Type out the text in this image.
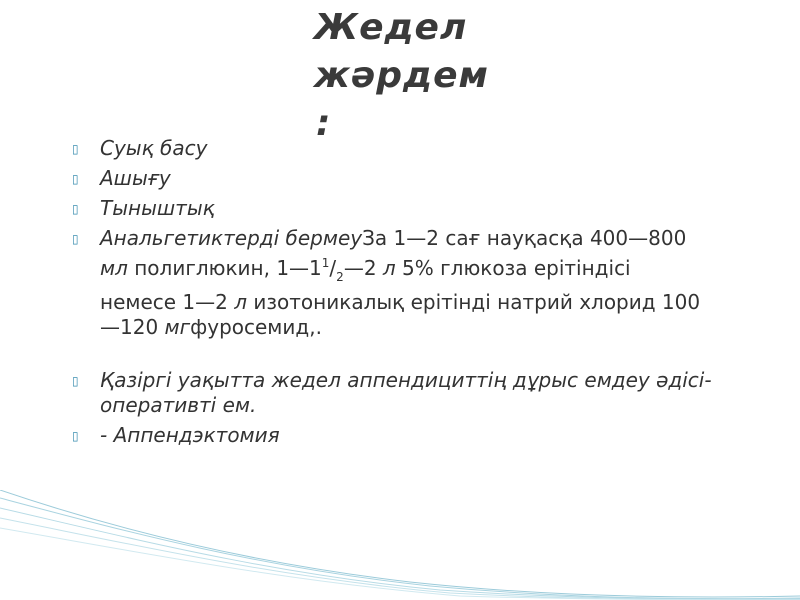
Жедел
жәрдем
:
▯ Суық басу
▯ Ашығу
▯ Тыныштық
▯ Анальгетиктерді бермеуЗа 1—2 сағ науқасқа 400—800 мл полиглюкин, $1—1^1/_2—2$ л 5% глюкоза ерітіндісі немесе 1—2 л изотоникалық ерітінді натрий хлорид 100—120 мгфуросемид,.
▯ Қазіргі уақытта жедел аппендициттің дұрыс емдеу әдісі- оперативті ем.
▯ - Аппендэктомия
